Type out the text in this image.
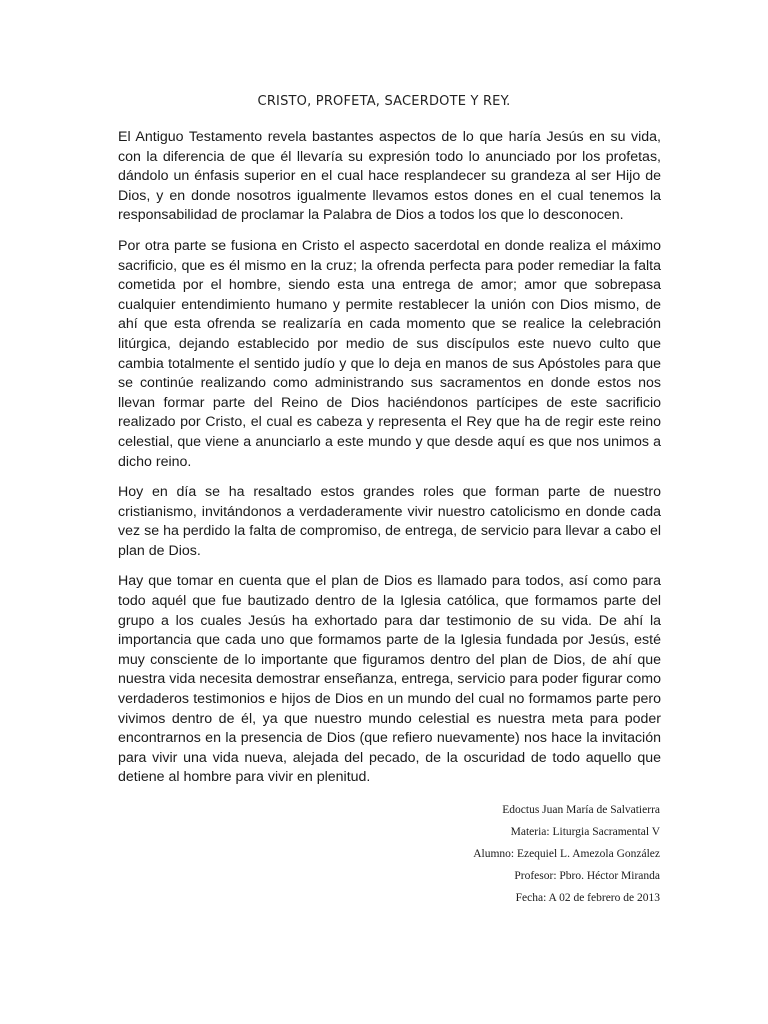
CRISTO, PROFETA, SACERDOTE Y REY.

El Antiguo Testamento revela bastantes aspectos de lo que haría Jesús en su vida, con la diferencia de que él llevaría su expresión todo lo anunciado por los profetas, dándolo un énfasis superior en el cual hace resplandecer su grandeza al ser Hijo de Dios, y en donde nosotros igualmente llevamos estos dones en el cual tenemos la responsabilidad de proclamar la Palabra de Dios a todos los que lo desconocen.

Por otra parte se fusiona en Cristo el aspecto sacerdotal en donde realiza el máximo sacrificio, que es él mismo en la cruz; la ofrenda perfecta para poder remediar la falta cometida por el hombre, siendo esta una entrega de amor; amor que sobrepasa cualquier entendimiento humano y permite restablecer la unión con Dios mismo, de ahí que esta ofrenda se realizaría en cada momento que se realice la celebración litúrgica, dejando establecido por medio de sus discípulos este nuevo culto que cambia totalmente el sentido judío y que lo deja en manos de sus Apóstoles para que se continúe realizando como administrando sus sacramentos en donde estos nos llevan formar parte del Reino de Dios haciéndonos partícipes de este sacrificio realizado por Cristo, el cual es cabeza y representa el Rey que ha de regir este reino celestial, que viene a anunciarlo a este mundo y que desde aquí es que nos unimos a dicho reino.

Hoy en día se ha resaltado estos grandes roles que forman parte de nuestro cristianismo, invitándonos a verdaderamente vivir nuestro catolicismo en donde cada vez se ha perdido la falta de compromiso, de entrega, de servicio para llevar a cabo el plan de Dios.

Hay que tomar en cuenta que el plan de Dios es llamado para todos, así como para todo aquél que fue bautizado dentro de la Iglesia católica, que formamos parte del grupo a los cuales Jesús ha exhortado para dar testimonio de su vida. De ahí la importancia que cada uno que formamos parte de la Iglesia fundada por Jesús, esté muy consciente de lo importante que figuramos dentro del plan de Dios, de ahí que nuestra vida necesita demostrar enseñanza, entrega, servicio para poder figurar como verdaderos testimonios e hijos de Dios en un mundo del cual no formamos parte pero vivimos dentro de él, ya que nuestro mundo celestial es nuestra meta para poder encontrarnos en la presencia de Dios (que refiero nuevamente) nos hace la invitación para vivir una vida nueva, alejada del pecado, de la oscuridad de todo aquello que detiene al hombre para vivir en plenitud.

Edoctus Juan María de Salvatierra
Materia: Liturgia Sacramental V
Alumno: Ezequiel L. Amezola González
Profesor: Pbro. Héctor Miranda
Fecha: A 02 de febrero de 2013
